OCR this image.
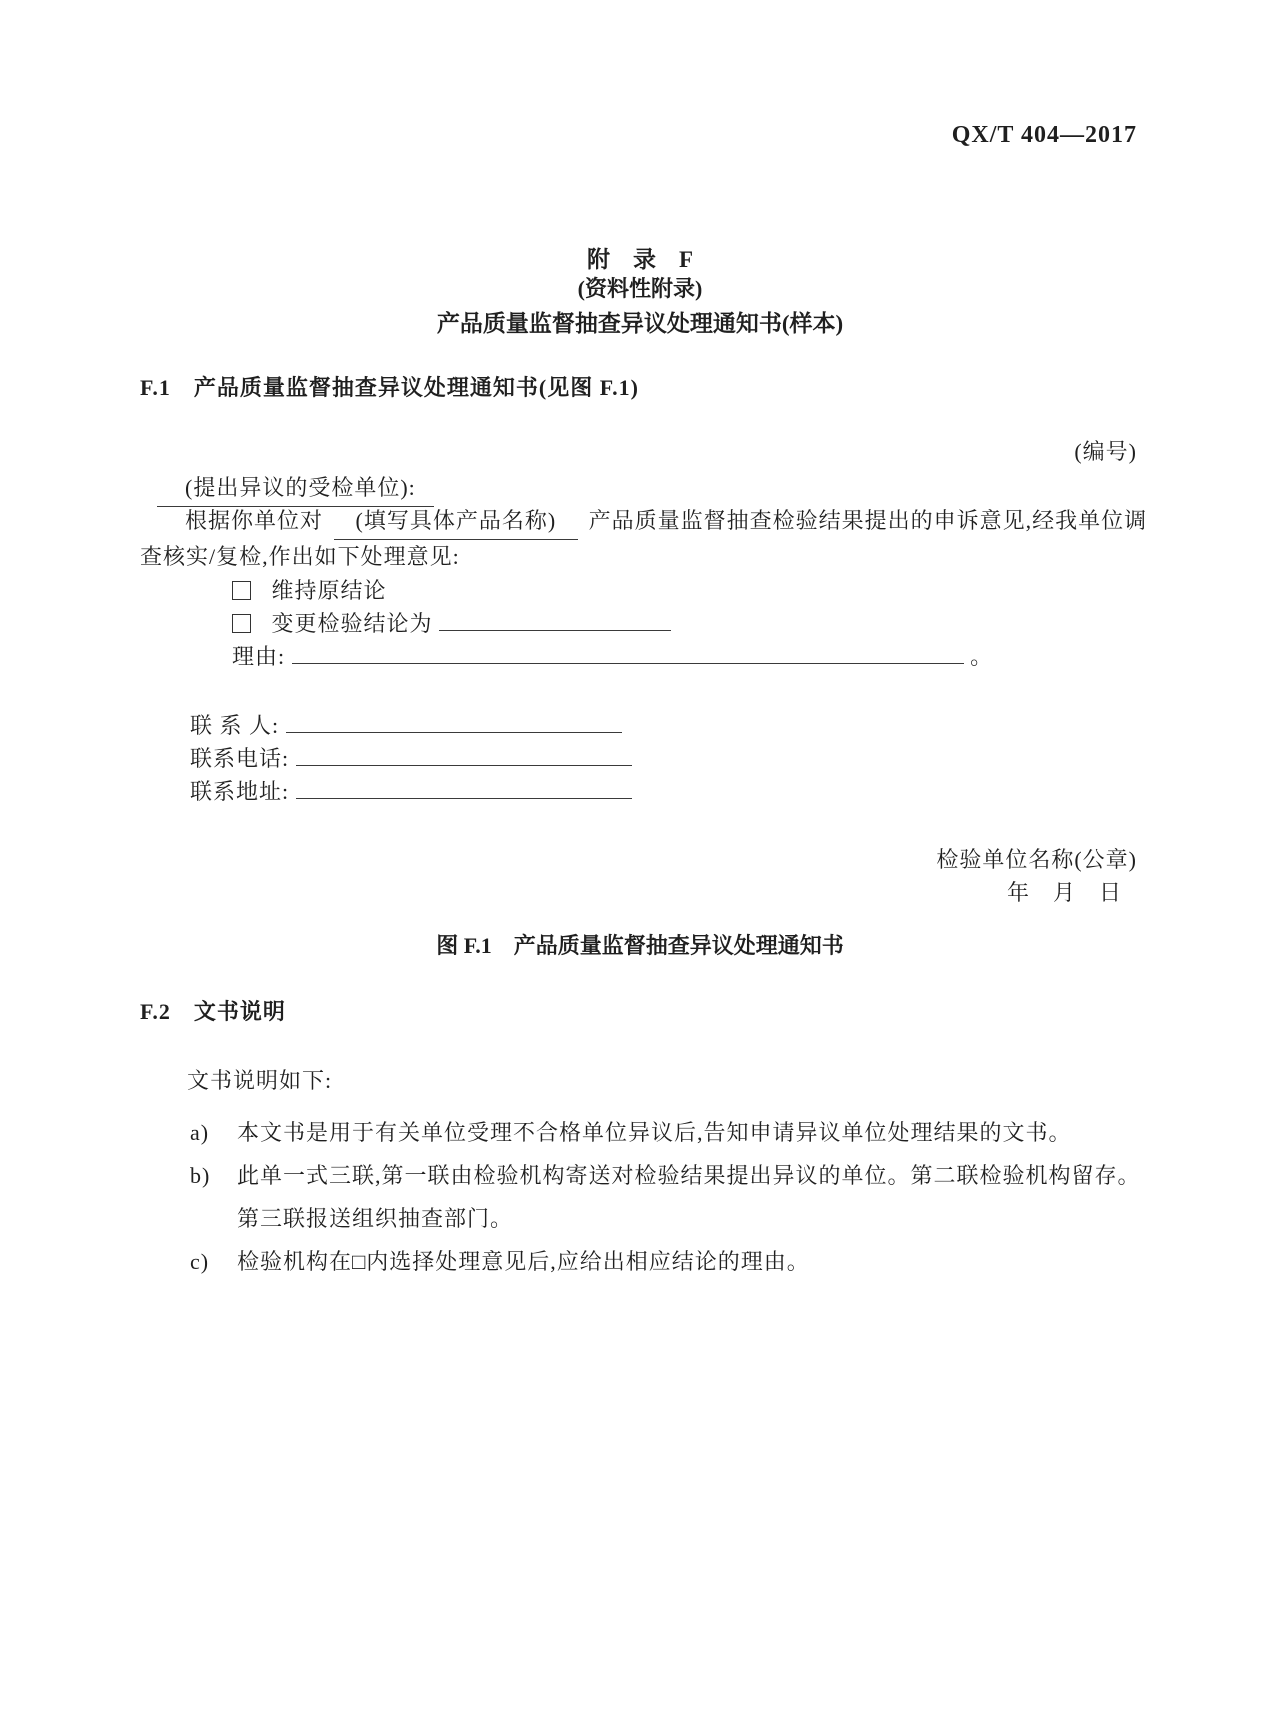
QX/T 404—2017
附　录　F
(资料性附录)
产品质量监督抽查异议处理通知书(样本)
F.1　产品质量监督抽查异议处理通知书(见图 F.1)
(编号)
(提出异议的受检单位):
根据你单位对 (填写具体产品名称) 产品质量监督抽查检验结果提出的申诉意见,经我单位调
查核实/复检,作出如下处理意见:
维持原结论
变更检验结论为
理由:	。
联 系 人:
联系电话:
联系地址:
检验单位名称(公章)
年　月　日
图 F.1　产品质量监督抽查异议处理通知书
F.2　文书说明
文书说明如下:
a) 本文书是用于有关单位受理不合格单位异议后,告知申请异议单位处理结果的文书。
b) 此单一式三联,第一联由检验机构寄送对检验结果提出异议的单位。第二联检验机构留存。
第三联报送组织抽查部门。
c) 检验机构在□内选择处理意见后,应给出相应结论的理由。
